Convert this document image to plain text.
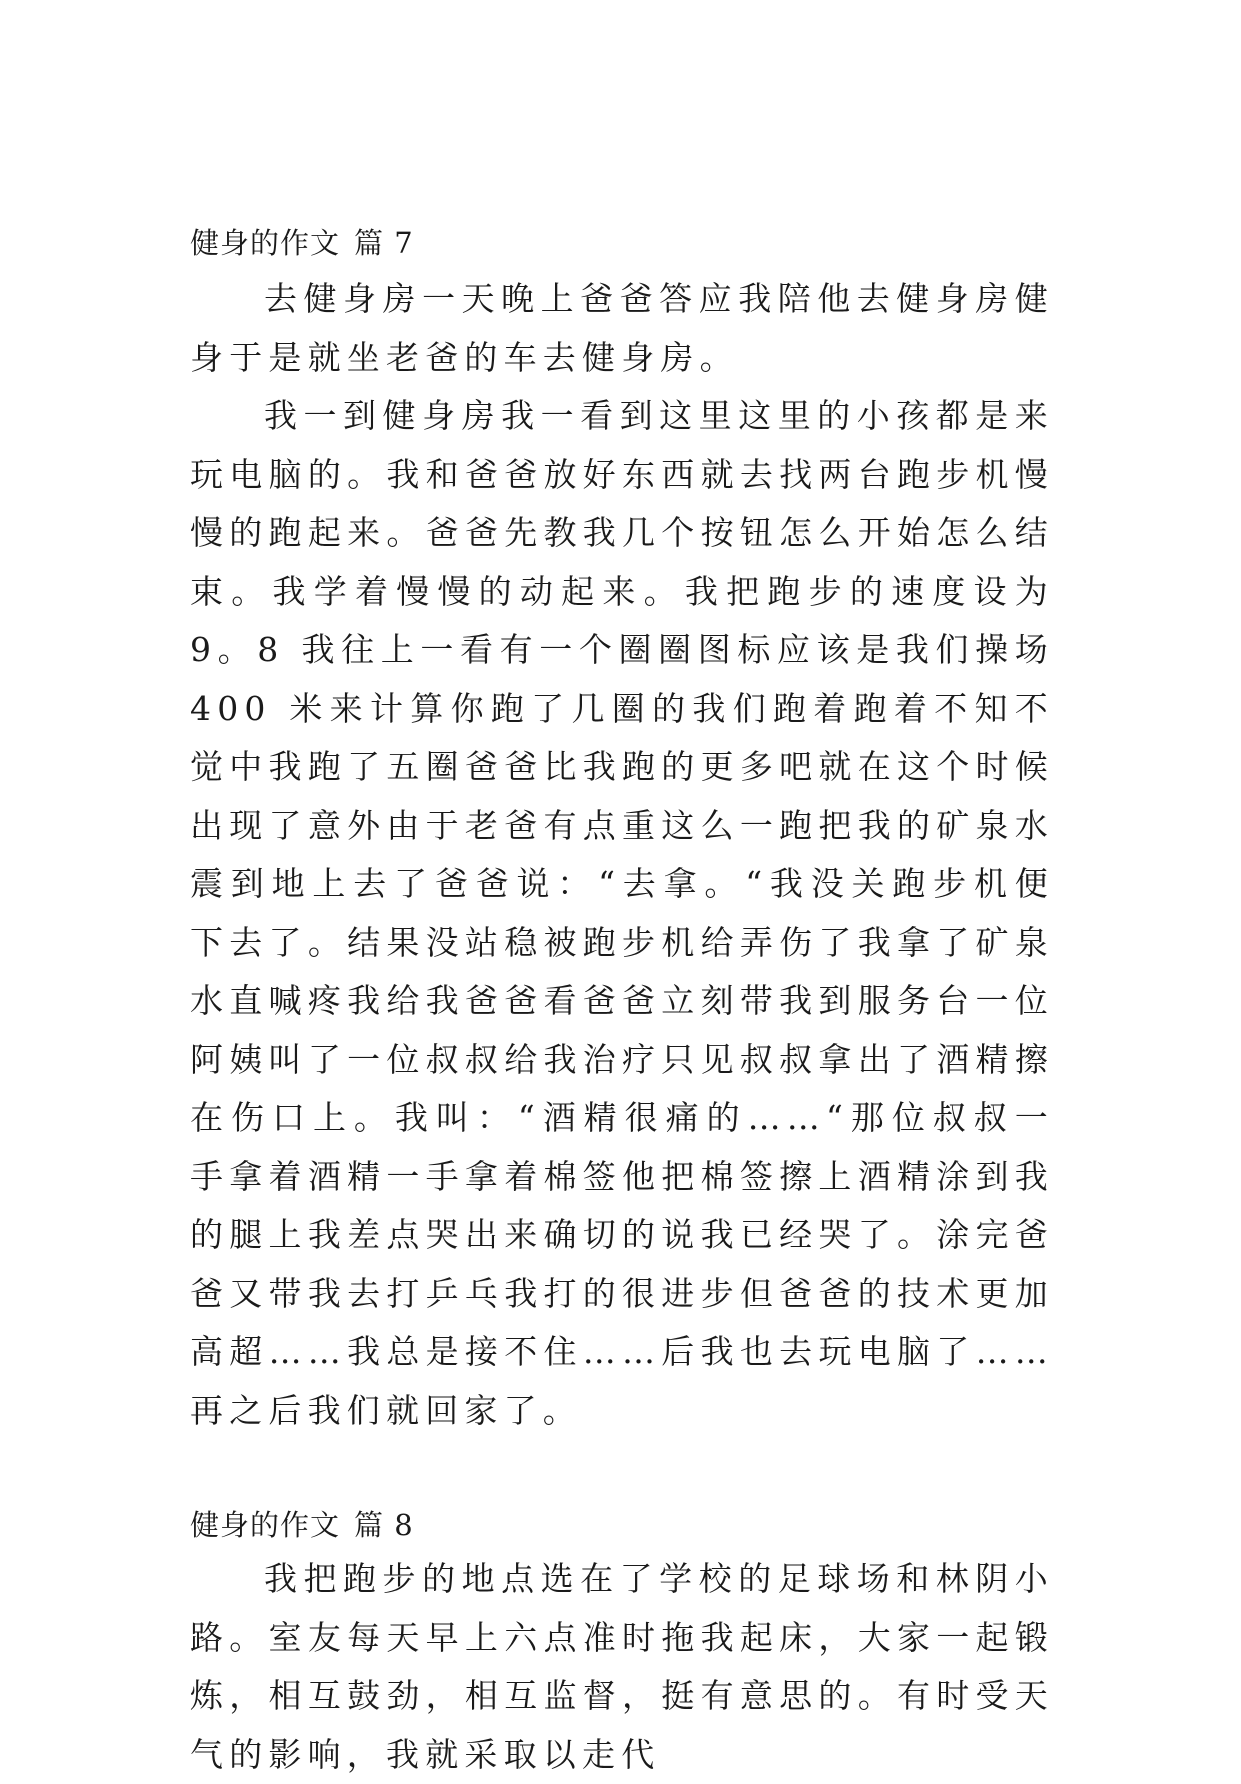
健身的作文 篇 7

去健身房一天晚上爸爸答应我陪他去健身房健身于是就坐老爸的车去健身房。

我一到健身房我一看到这里这里的小孩都是来玩电脑的。我和爸爸放好东西就去找两台跑步机慢慢的跑起来。爸爸先教我几个按钮怎么开始怎么结束。我学着慢慢的动起来。我把跑步的速度设为 9。8 我往上一看有一个圈圈图标应该是我们操场 400 米来计算你跑了几圈的我们跑着跑着不知不觉中我跑了五圈爸爸比我跑的更多吧就在这个时候出现了意外由于老爸有点重这么一跑把我的矿泉水震到地上去了爸爸说：“去拿。“我没关跑步机便下去了。结果没站稳被跑步机给弄伤了我拿了矿泉水直喊疼我给我爸爸看爸爸立刻带我到服务台一位阿姨叫了一位叔叔给我治疗只见叔叔拿出了酒精擦在伤口上。我叫：“酒精很痛的……“那位叔叔一手拿着酒精一手拿着棉签他把棉签擦上酒精涂到我的腿上我差点哭出来确切的说我已经哭了。涂完爸爸又带我去打乒乓我打的很进步但爸爸的技术更加高超……我总是接不住……后我也去玩电脑了……再之后我们就回家了。

健身的作文 篇 8

我把跑步的地点选在了学校的足球场和林阴小路。室友每天早上六点准时拖我起床，大家一起锻炼，相互鼓劲，相互监督，挺有意思的。有时受天气的影响，我就采取以走代
